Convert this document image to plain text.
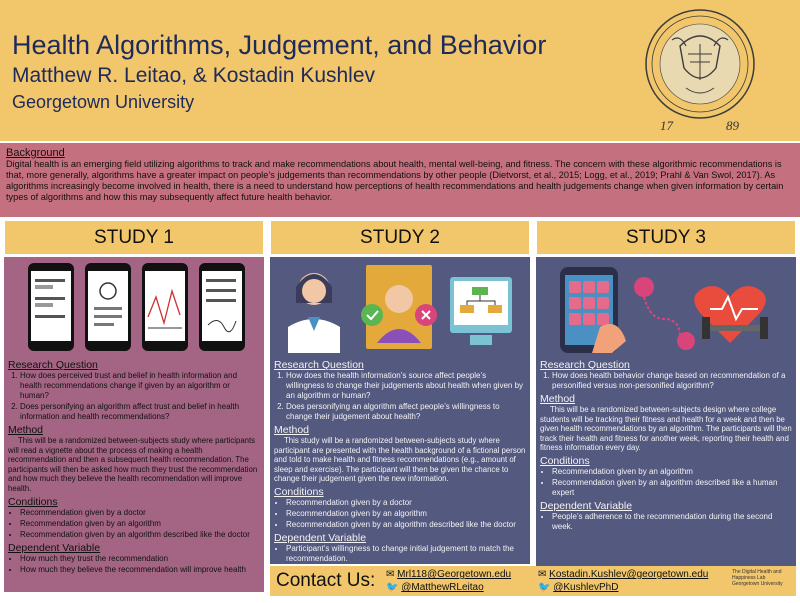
Health Algorithms, Judgement, and Behavior
Matthew R. Leitao, & Kostadin Kushlev
Georgetown University
17	89
Background
Digital health is an emerging field utilizing algorithms to track and make recommendations about health, mental well-being, and fitness. The concern with these algorithmic recommendations is that, more generally, algorithms have a greater impact on people’s judgements than recommendations by other people (Dietvorst, et al., 2015; Logg, et al., 2019; Prahl & Van Swol, 2017). As algorithms increasingly become involved in health, there is a need to understand how perceptions of health recommendations and health judgements change when given information by certain types of algorithms and how this may subsequently affect future health behavior.
STUDY 1	STUDY 2	STUDY 3
Research Question
1. How does perceived trust and belief in health information and health recommendations change if given by an algorithm or human?
2. Does personifying an algorithm affect trust and belief in health information and health recommendations?
Method
This will be a randomized between-subjects study where participants will read a vignette about the process of making a health recommendation and then a subsequent health recommendation. The participants will then be asked how much they trust the recommendation and how much they believe the health recommendation will improve health.
Conditions
• Recommendation given by a doctor
• Recommendation given by an algorithm
• Recommendation given by an algorithm described like the doctor
Dependent Variable
• How much they trust the recommendation
• How much they believe the recommendation will improve health
Research Question
1. How does the health information’s source affect people’s willingness to change their judgements about health when given by an algorithm or human?
2. Does personifying an algorithm affect people’s willingness to change their judgement about health?
Method
This study will be a randomized between-subjects study where participant are presented with the health background of a fictional person and told to make health and fitness recommendations (e.g., amount of sleep and exercise). The participant will then be given the chance to change their judgement given the new information.
Conditions
• Recommendation given by a doctor
• Recommendation given by an algorithm
• Recommendation given by an algorithm described like the doctor
Dependent Variable
• Participant’s willingness to change initial judgement to match the recommendation.
Research Question
1. How does health behavior change based on recommendation of a personified versus non-personified algorithm?
Method
This will be a randomized between-subjects design where college students will be tracking their fitness and health for a week and then be given health recommendations by an algorithm. The participants will then track their health and fitness for another week, reporting their health and fitness information every day.
Conditions
• Recommendation given by an algorithm
• Recommendation given by an algorithm described like a human expert
Dependent Variable
• People’s adherence to the recommendation during the second week.
Contact Us: ✉ Mrl118@Georgetown.edu
🐦 @MatthewRLeitao
✉ Kostadin.Kushlev@georgetown.edu
🐦 @KushlevPhD
The Digital Health and Happiness Lab
Georgetown University
